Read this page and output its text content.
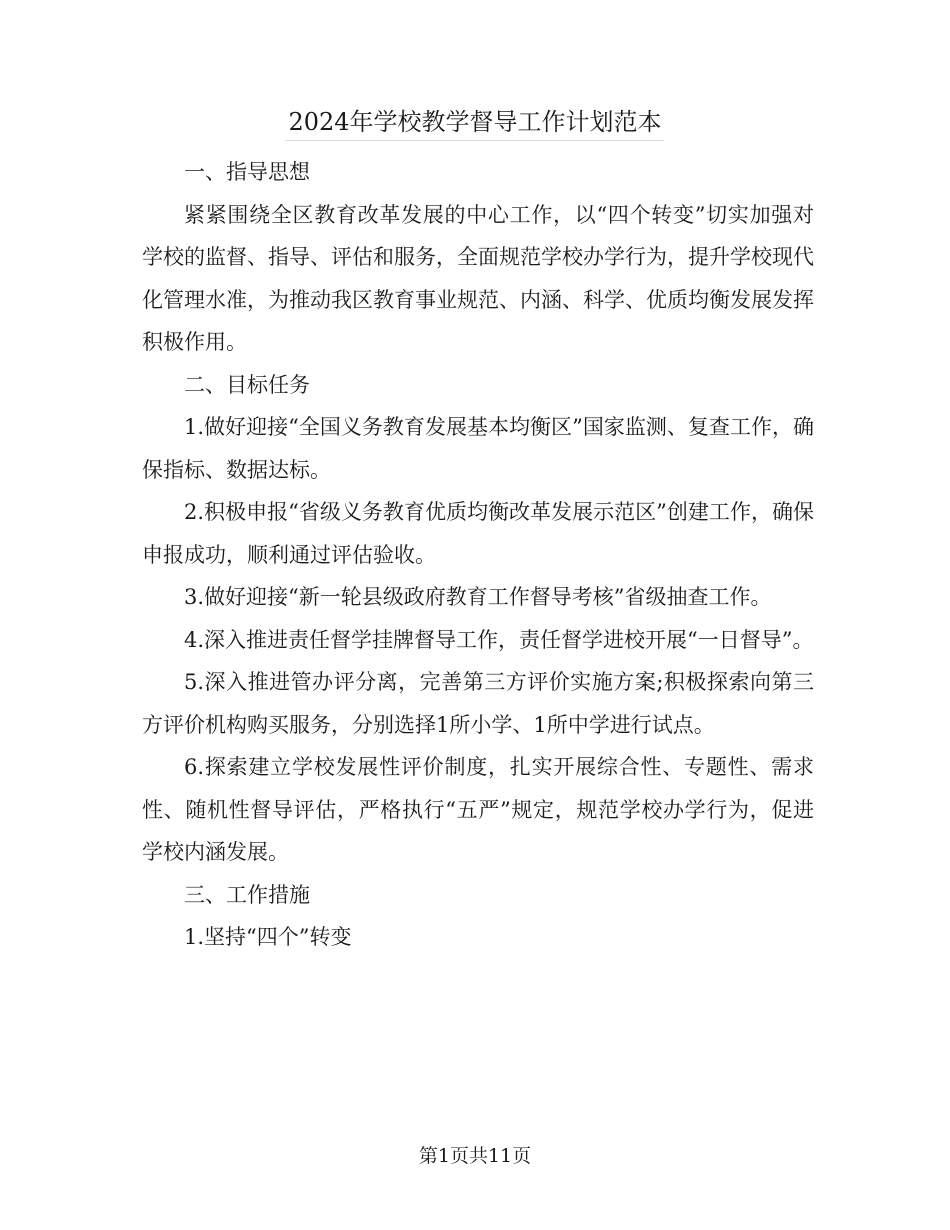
2024年学校教学督导工作计划范本

一、指导思想

紧紧围绕全区教育改革发展的中心工作，以“四个转变”切实加强对学校的监督、指导、评估和服务，全面规范学校办学行为，提升学校现代化管理水准，为推动我区教育事业规范、内涵、科学、优质均衡发展发挥积极作用。

二、目标任务

1.做好迎接“全国义务教育发展基本均衡区”国家监测、复查工作，确保指标、数据达标。

2.积极申报“省级义务教育优质均衡改革发展示范区”创建工作，确保申报成功，顺利通过评估验收。

3.做好迎接“新一轮县级政府教育工作督导考核”省级抽查工作。

4.深入推进责任督学挂牌督导工作，责任督学进校开展“一日督导”。

5.深入推进管办评分离，完善第三方评价实施方案;积极探索向第三方评价机构购买服务，分别选择1所小学、1所中学进行试点。

6.探索建立学校发展性评价制度，扎实开展综合性、专题性、需求性、随机性督导评估，严格执行“五严”规定，规范学校办学行为，促进学校内涵发展。

三、工作措施

1.坚持“四个”转变

第1页共11页
